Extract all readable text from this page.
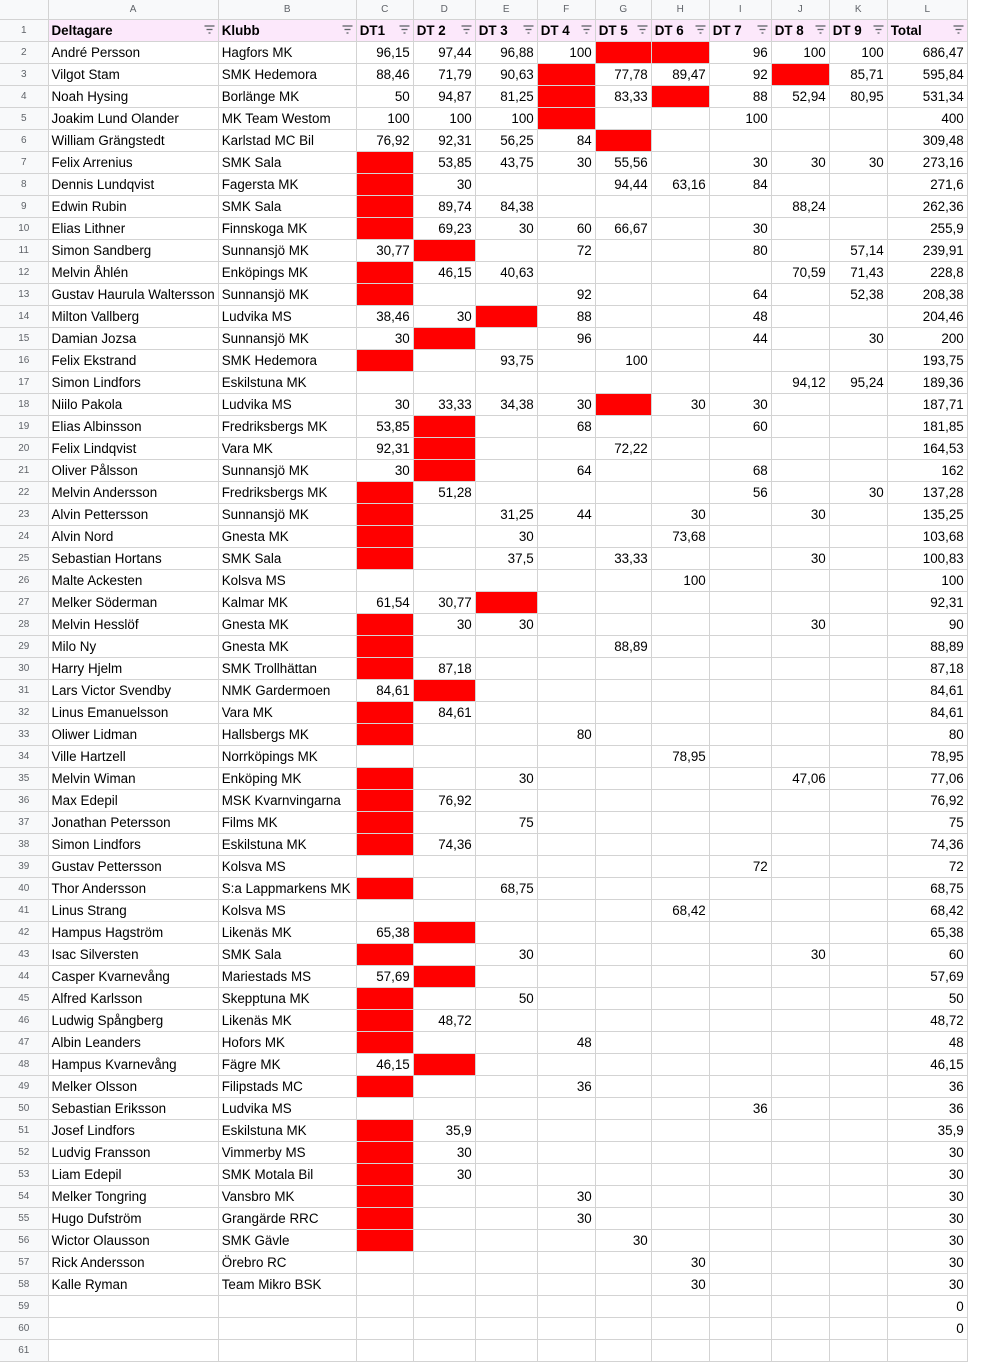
	A	B	C	D	E	F	G	H	I	J	K	L
1	Deltagare	Klubb	DT1	DT 2	DT 3	DT 4	DT 5	DT 6	DT 7	DT 8	DT 9	Total

2	André Persson	Hagfors MK	96,15	97,44	96,88	100			96	100	100	686,47
3	Vilgot Stam	SMK Hedemora	88,46	71,79	90,63		77,78	89,47	92		85,71	595,84
4	Noah Hysing	Borlänge MK	50	94,87	81,25		83,33		88	52,94	80,95	531,34
5	Joakim Lund Olander	MK Team Westom	100	100	100				100			400
6	William Grängstedt	Karlstad MC Bil	76,92	92,31	56,25	84						309,48
7	Felix Arrenius	SMK Sala		53,85	43,75	30	55,56		30	30	30	273,16
8	Dennis Lundqvist	Fagersta MK		30			94,44	63,16	84			271,6
9	Edwin Rubin	SMK Sala		89,74	84,38					88,24		262,36
10	Elias Lithner	Finnskoga MK		69,23	30	60	66,67		30			255,9
11	Simon Sandberg	Sunnansjö MK	30,77			72			80		57,14	239,91
12	Melvin Åhlén	Enköpings MK		46,15	40,63					70,59	71,43	228,8
13	Gustav Haurula Waltersson	Sunnansjö MK				92			64		52,38	208,38
14	Milton Vallberg	Ludvika MS	38,46	30		88			48			204,46
15	Damian Jozsa	Sunnansjö MK	30			96			44		30	200
16	Felix Ekstrand	SMK Hedemora			93,75		100					193,75
17	Simon Lindfors	Eskilstuna MK								94,12	95,24	189,36
18	Niilo Pakola	Ludvika MS	30	33,33	34,38	30		30	30			187,71
19	Elias Albinsson	Fredriksbergs MK	53,85			68			60			181,85
20	Felix Lindqvist	Vara MK	92,31				72,22					164,53
21	Oliver Pålsson	Sunnansjö MK	30			64			68			162
22	Melvin Andersson	Fredriksbergs MK		51,28					56		30	137,28
23	Alvin Pettersson	Sunnansjö MK			31,25	44		30		30		135,25
24	Alvin Nord	Gnesta MK			30			73,68				103,68
25	Sebastian Hortans	SMK Sala			37,5		33,33			30		100,83
26	Malte Ackesten	Kolsva MS						100				100
27	Melker Söderman	Kalmar MK	61,54	30,77								92,31
28	Melvin Hesslöf	Gnesta MK		30	30					30		90
29	Milo Ny	Gnesta MK					88,89					88,89
30	Harry Hjelm	SMK Trollhättan		87,18								87,18
31	Lars Victor Svendby	NMK Gardermoen	84,61									84,61
32	Linus Emanuelsson	Vara MK		84,61								84,61
33	Oliwer Lidman	Hallsbergs MK				80						80
34	Ville Hartzell	Norrköpings MK						78,95				78,95
35	Melvin Wiman	Enköping MK			30					47,06		77,06
36	Max Edepil	MSK Kvarnvingarna		76,92								76,92
37	Jonathan Petersson	Films MK			75							75
38	Simon Lindfors	Eskilstuna MK		74,36								74,36
39	Gustav Pettersson	Kolsva MS							72			72
40	Thor Andersson	S:a Lappmarkens MK			68,75							68,75
41	Linus Strang	Kolsva MS						68,42				68,42
42	Hampus Hagström	Likenäs MK	65,38									65,38
43	Isac Silversten	SMK Sala			30					30		60
44	Casper Kvarnevång	Mariestads MS	57,69									57,69
45	Alfred Karlsson	Skepptuna MK			50							50
46	Ludwig Spångberg	Likenäs MK		48,72								48,72
47	Albin Leanders	Hofors MK				48						48
48	Hampus Kvarnevång	Fägre MK	46,15									46,15
49	Melker Olsson	Filipstads MC				36						36
50	Sebastian Eriksson	Ludvika MS							36			36
51	Josef Lindfors	Eskilstuna MK		35,9								35,9
52	Ludvig Fransson	Vimmerby MS		30								30
53	Liam Edepil	SMK Motala Bil		30								30
54	Melker Tongring	Vansbro MK				30						30
55	Hugo Dufström	Grangärde RRC				30						30
56	Wictor Olausson	SMK Gävle					30					30
57	Rick Andersson	Örebro RC						30				30
58	Kalle Ryman	Team Mikro BSK						30				30
59												0
60												0
61												
